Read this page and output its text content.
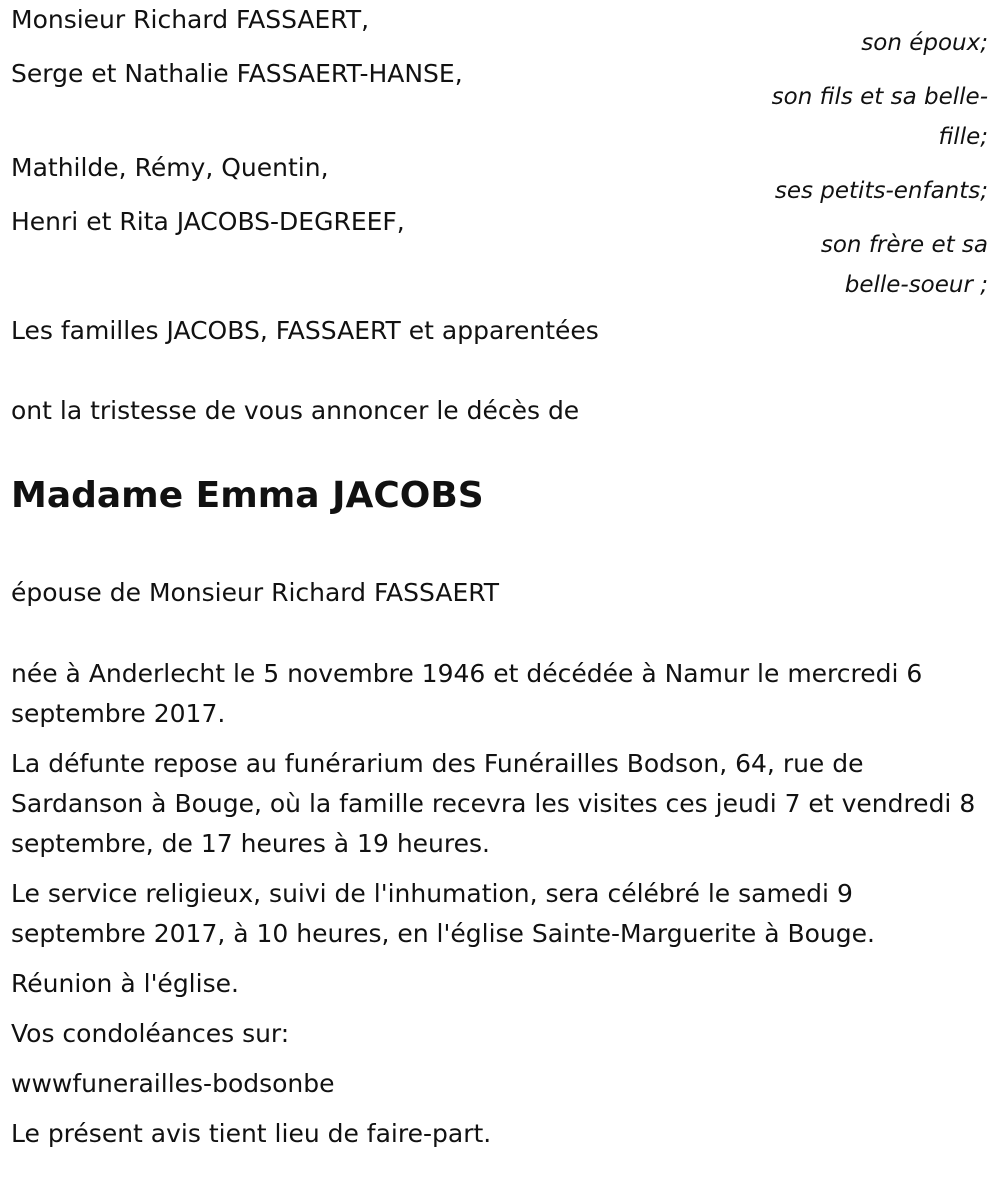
Monsieur Richard FASSAERT,
son époux;
Serge et Nathalie FASSAERT-HANSE,
son fils et sa belle-fille;
Mathilde, Rémy, Quentin,
ses petits-enfants;
Henri et Rita JACOBS-DEGREEF,
son frère et sa belle-soeur ;

Les familles JACOBS, FASSAERT et apparentées

ont la tristesse de vous annoncer le décès de

Madame Emma JACOBS

épouse de Monsieur Richard FASSAERT

née à Anderlecht le 5 novembre 1946 et décédée à Namur le mercredi 6 septembre 2017.

La défunte repose au funérarium des Funérailles Bodson, 64, rue de Sardanson à Bouge, où la famille recevra les visites ces jeudi 7 et vendredi 8 septembre, de 17 heures à 19 heures.

Le service religieux, suivi de l'inhumation, sera célébré le samedi 9 septembre 2017, à 10 heures, en l'église Sainte-Marguerite à Bouge.

Réunion à l'église.

Vos condoléances sur:

wwwfunerailles-bodsonbe

Le présent avis tient lieu de faire-part.
